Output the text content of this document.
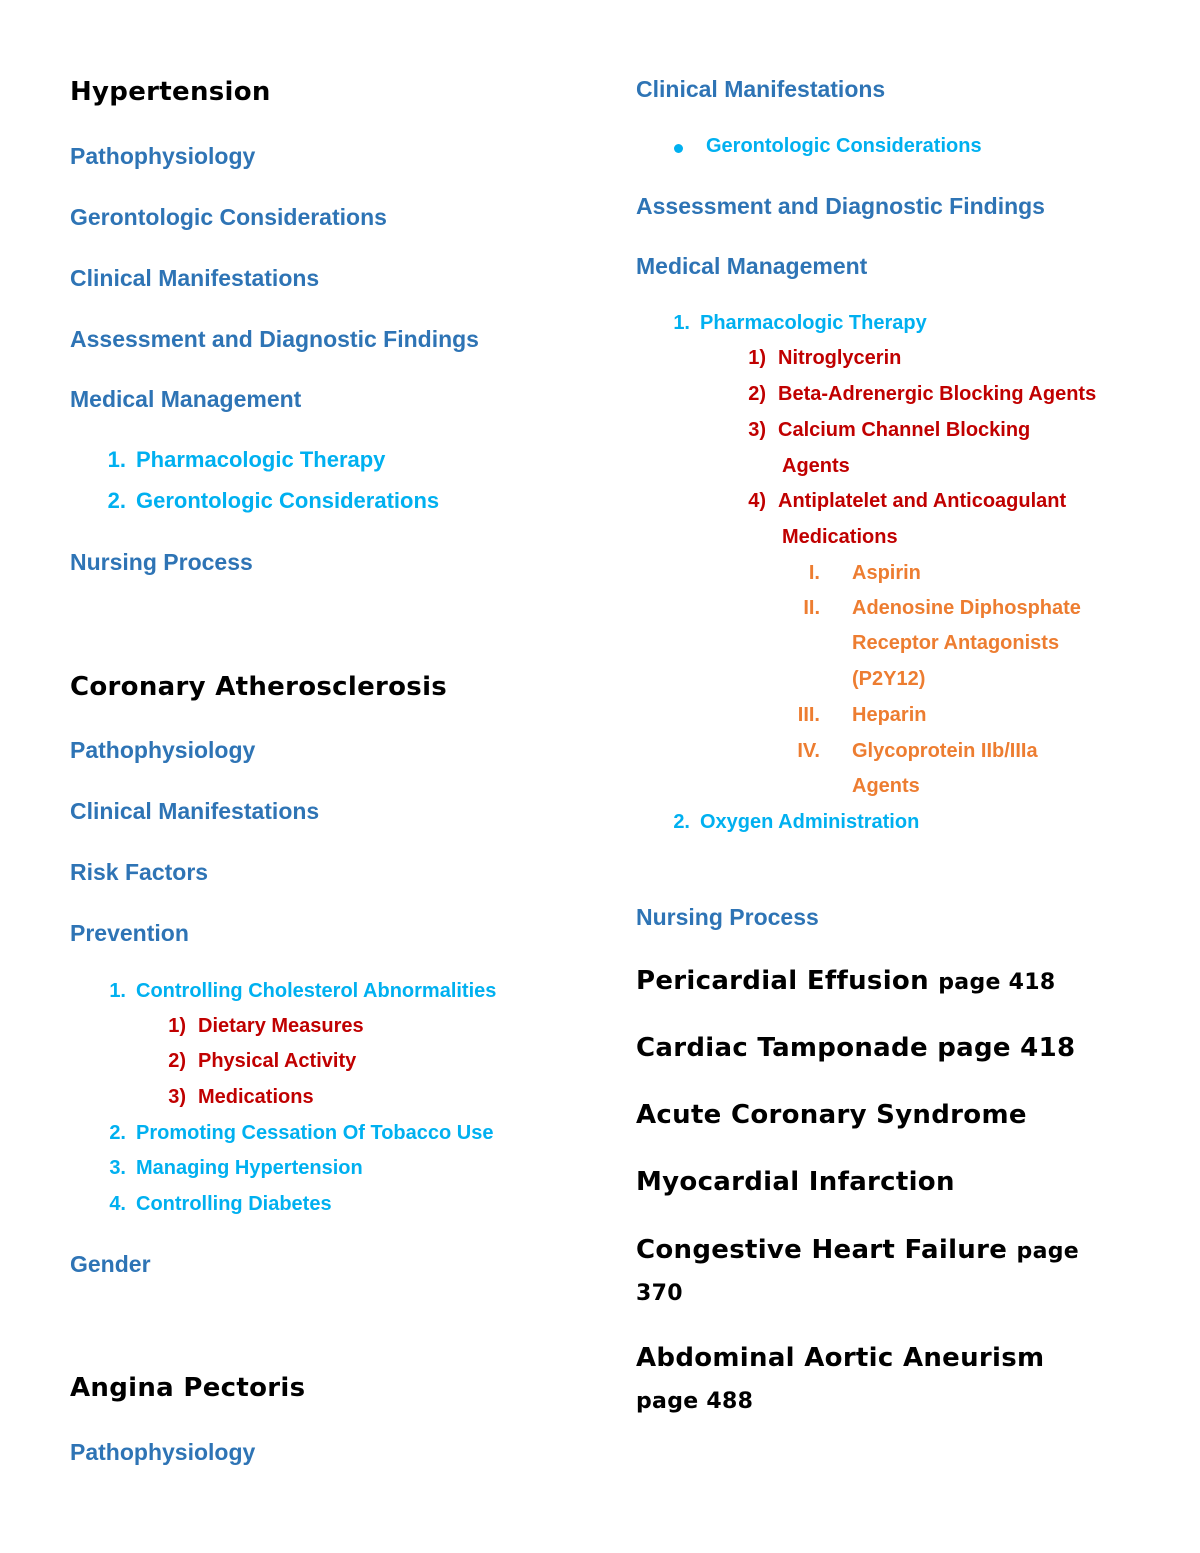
Hypertension
Pathophysiology
Gerontologic Considerations
Clinical Manifestations
Assessment and Diagnostic Findings
Medical Management
1. Pharmacologic Therapy
2. Gerontologic Considerations
Nursing Process
Coronary Atherosclerosis
Pathophysiology
Clinical Manifestations
Risk Factors
Prevention
1. Controlling Cholesterol Abnormalities
1) Dietary Measures
2) Physical Activity
3) Medications
2. Promoting Cessation Of Tobacco Use
3. Managing Hypertension
4. Controlling Diabetes
Gender
Angina Pectoris
Pathophysiology
Clinical Manifestations
Gerontologic Considerations
Assessment and Diagnostic Findings
Medical Management
1. Pharmacologic Therapy
1) Nitroglycerin
2) Beta-Adrenergic Blocking Agents
3) Calcium Channel Blocking
Agents
4) Antiplatelet and Anticoagulant
Medications
I. Aspirin
II. Adenosine Diphosphate
Receptor Antagonists
(P2Y12)
III. Heparin
IV. Glycoprotein IIb/IIIa
Agents
2. Oxygen Administration
Nursing Process
Pericardial Effusion page 418
Cardiac Tamponade page 418
Acute Coronary Syndrome
Myocardial Infarction
Congestive Heart Failure page
370
Abdominal Aortic Aneurism
page 488
